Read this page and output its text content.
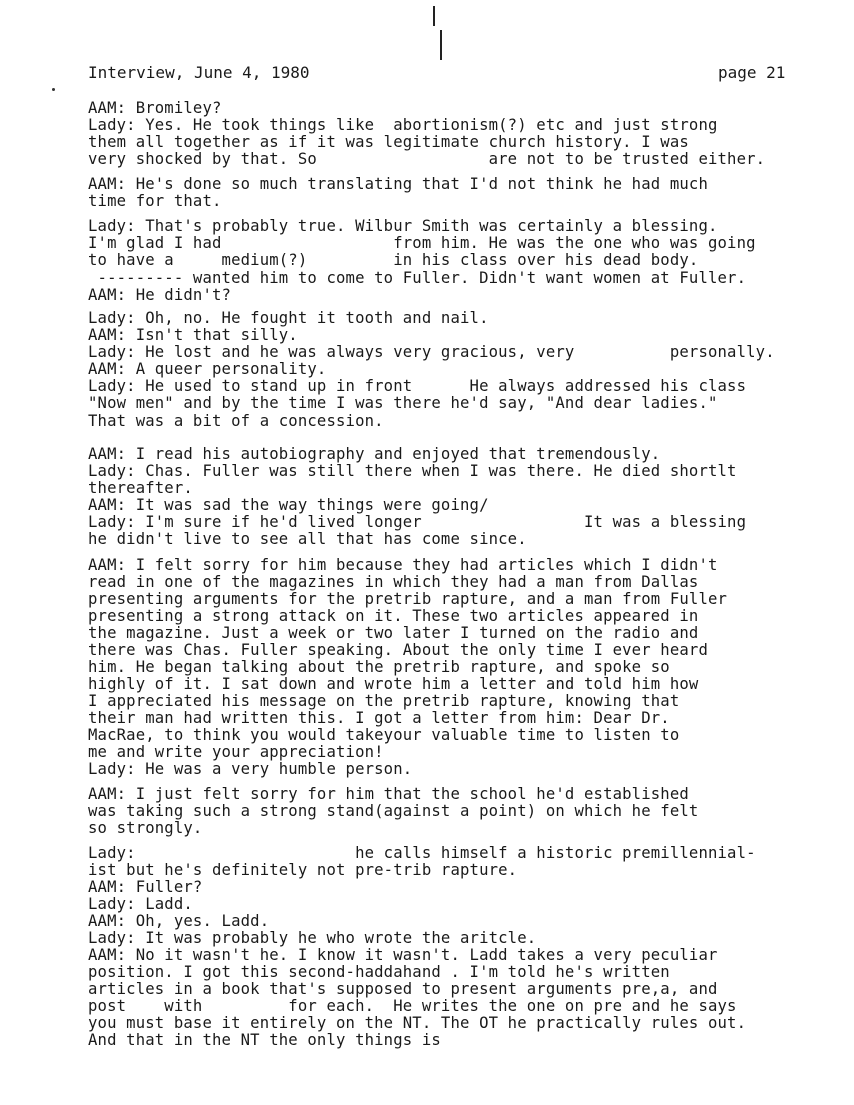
Interview, June 4, 1980	page 21
AAM: Bromiley?
Lady: Yes. He took things like  abortionism(?) etc and just strong
them all together as if it was legitimate church history. I was
very shocked by that. So                  are not to be trusted either.
AAM: He's done so much translating that I'd not think he had much
time for that.
Lady: That's probably true. Wilbur Smith was certainly a blessing.
I'm glad I had                  from him. He was the one who was going
to have a     medium(?)         in his class over his dead body.
--------- wanted him to come to Fuller. Didn't want women at Fuller.
AAM: He didn't?
Lady: Oh, no. He fought it tooth and nail.
AAM: Isn't that silly.
Lady: He lost and he was always very gracious, very          personally.
AAM: A queer personality.
Lady: He used to stand up in front      He always addressed his class
"Now men" and by the time I was there he'd say, "And dear ladies."
That was a bit of a concession.
AAM: I read his autobiography and enjoyed that tremendously.
Lady: Chas. Fuller was still there when I was there. He died shortlt
thereafter.
AAM: It was sad the way things were going/
Lady: I'm sure if he'd lived longer                 It was a blessing
he didn't live to see all that has come since.
AAM: I felt sorry for him because they had articles which I didn't
read in one of the magazines in which they had a man from Dallas
presenting arguments for the pretrib rapture, and a man from Fuller
presenting a strong attack on it. These two articles appeared in
the magazine. Just a week or two later I turned on the radio and
there was Chas. Fuller speaking. About the only time I ever heard
him. He began talking about the pretrib rapture, and spoke so
highly of it. I sat down and wrote him a letter and told him how
I appreciated his message on the pretrib rapture, knowing that
their man had written this. I got a letter from him: Dear Dr.
MacRae, to think you would takeyour valuable time to listen to
me and write your appreciation!
Lady: He was a very humble person.
AAM: I just felt sorry for him that the school he'd established
was taking such a strong stand(against a point) on which he felt
so strongly.
Lady:                       he calls himself a historic premillennial-
ist but he's definitely not pre-trib rapture.
AAM: Fuller?
Lady: Ladd.
AAM: Oh, yes. Ladd.
Lady: It was probably he who wrote the aritcle.
AAM: No it wasn't he. I know it wasn't. Ladd takes a very peculiar
position. I got this second-haddahand . I'm told he's written
articles in a book that's supposed to present arguments pre,a, and
post    with         for each.  He writes the one on pre and he says
you must base it entirely on the NT. The OT he practically rules out.
And that in the NT the only things is
